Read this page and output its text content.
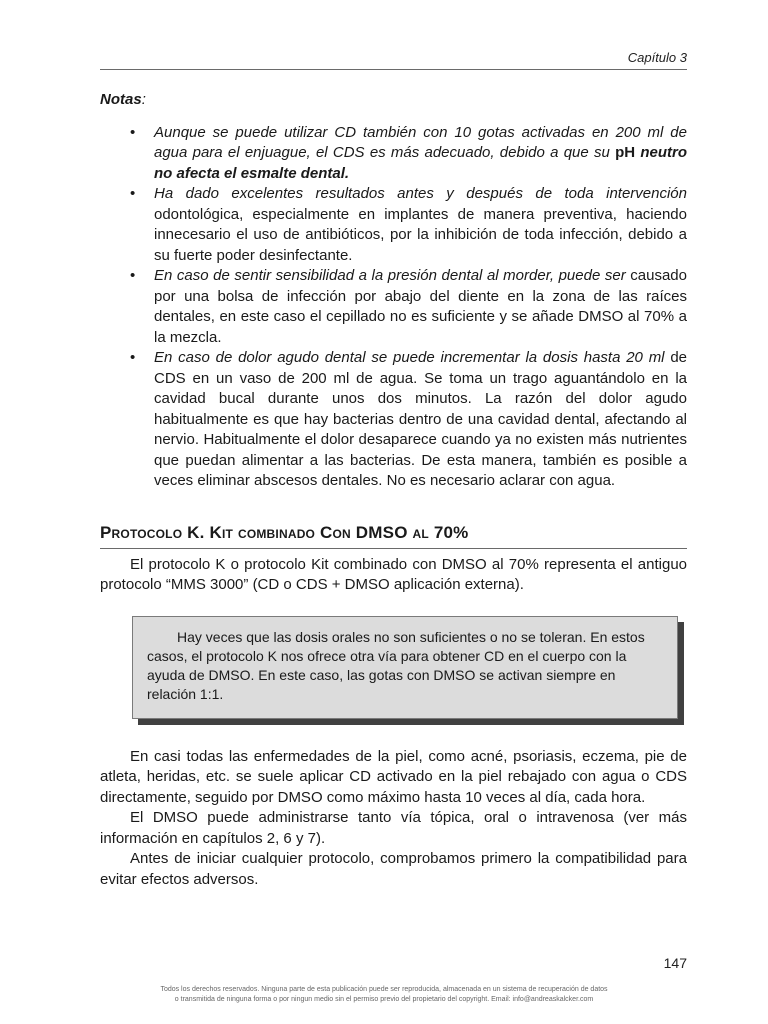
Capítulo 3

Notas:

• Aunque se puede utilizar CD también con 10 gotas activadas en 200 ml de agua para el enjuague, el CDS es más adecuado, debido a que su pH neutro no afecta el esmalte dental.
• Ha dado excelentes resultados antes y después de toda intervención odontológica, especialmente en implantes de manera preventiva, haciendo innecesario el uso de antibióticos, por la inhibición de toda infección, debido a su fuerte poder desinfectante.
• En caso de sentir sensibilidad a la presión dental al morder, puede ser causado por una bolsa de infección por abajo del diente en la zona de las raíces dentales, en este caso el cepillado no es suficiente y se añade DMSO al 70% a la mezcla.
• En caso de dolor agudo dental se puede incrementar la dosis hasta 20 ml de CDS en un vaso de 200 ml de agua. Se toma un trago aguantándolo en la cavidad bucal durante unos dos minutos. La razón del dolor agudo habitualmente es que hay bacterias dentro de una cavidad dental, afectando al nervio. Habitualmente el dolor desaparece cuando ya no existen más nutrientes que puedan alimentar a las bacterias. De esta manera, también es posible a veces eliminar abscesos dentales. No es necesario aclarar con agua.
Protocolo K. Kit combinado Con DMSO al 70%

El protocolo K o protocolo Kit combinado con DMSO al 70% representa el antiguo protocolo “MMS 3000” (CD o CDS + DMSO aplicación externa).

Hay veces que las dosis orales no son suficientes o no se toleran. En estos casos, el protocolo K nos ofrece otra vía para obtener CD en el cuerpo con la ayuda de DMSO. En este caso, las gotas con DMSO se activan siempre en relación 1:1.

En casi todas las enfermedades de la piel, como acné, psoriasis, eczema, pie de atleta, heridas, etc. se suele aplicar CD activado en la piel rebajado con agua o CDS directamente, seguido por DMSO como máximo hasta 10 veces al día, cada hora.

El DMSO puede administrarse tanto vía tópica, oral o intravenosa (ver más información en capítulos 2, 6 y 7).

Antes de iniciar cualquier protocolo, comprobamos primero la compatibilidad para evitar efectos adversos.

147
Todos los derechos reservados. Ninguna parte de esta publicación puede ser reproducida, almacenada en un sistema de recuperación de datos
o transmitida de ninguna forma o por ningun medio sin el permiso previo del propietario del copyright. Email: info@andreaskalcker.com
